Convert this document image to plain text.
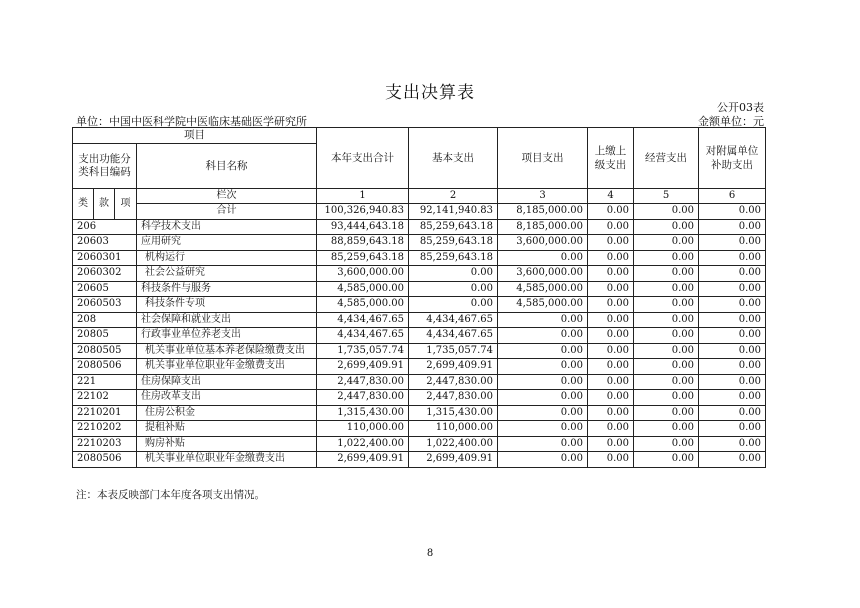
支出决算表
公开03表
单位：中国中医科学院中医临床基础医学研究所	金额单位：元
项目				本年支出合计	基本支出	项目支出	上缴上级支出	经营支出	对附属单位补助支出
支出功能分类科目编码			科目名称						

类	款	项	栏次	1	2	3	4	5	6
			合计	100,326,940.83	92,141,940.83	8,185,000.00	0.00	0.00	0.00
206			科学技术支出	93,444,643.18	85,259,643.18	8,185,000.00	0.00	0.00	0.00
20603			应用研究	88,859,643.18	85,259,643.18	3,600,000.00	0.00	0.00	0.00
2060301			机构运行	85,259,643.18	85,259,643.18	0.00	0.00	0.00	0.00
2060302			社会公益研究	3,600,000.00	0.00	3,600,000.00	0.00	0.00	0.00
20605			科技条件与服务	4,585,000.00	0.00	4,585,000.00	0.00	0.00	0.00
2060503			科技条件专项	4,585,000.00	0.00	4,585,000.00	0.00	0.00	0.00
208			社会保障和就业支出	4,434,467.65	4,434,467.65	0.00	0.00	0.00	0.00
20805			行政事业单位养老支出	4,434,467.65	4,434,467.65	0.00	0.00	0.00	0.00
2080505			机关事业单位基本养老保险缴费支出	1,735,057.74	1,735,057.74	0.00	0.00	0.00	0.00
2080506			机关事业单位职业年金缴费支出	2,699,409.91	2,699,409.91	0.00	0.00	0.00	0.00
221			住房保障支出	2,447,830.00	2,447,830.00	0.00	0.00	0.00	0.00
22102			住房改革支出	2,447,830.00	2,447,830.00	0.00	0.00	0.00	0.00
2210201			住房公积金	1,315,430.00	1,315,430.00	0.00	0.00	0.00	0.00
2210202			提租补贴	110,000.00	110,000.00	0.00	0.00	0.00	0.00
2210203			购房补贴	1,022,400.00	1,022,400.00	0.00	0.00	0.00	0.00
2080506			机关事业单位职业年金缴费支出	2,699,409.91	2,699,409.91	0.00	0.00	0.00	0.00
注：本表反映部门本年度各项支出情况。
8
